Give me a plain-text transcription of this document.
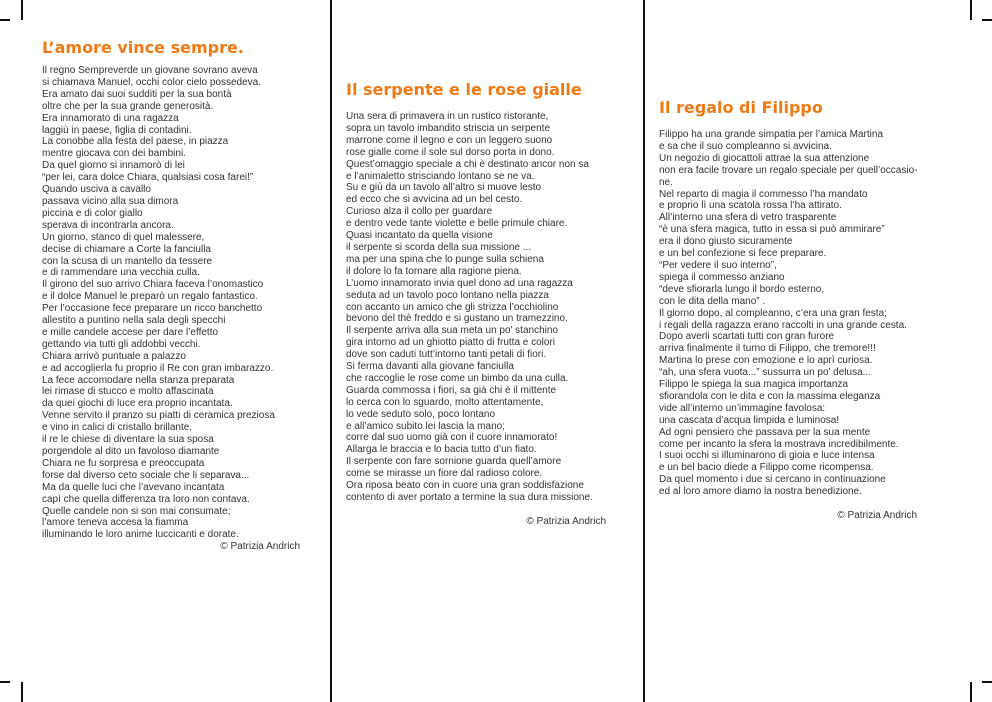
L’amore vince sempre.
Il regno Sempreverde un giovane sovrano aveva
si chiamava Manuel, occhi color cielo possedeva.
Era amato dai suoi sudditi per la sua bontà
oltre che per la sua grande generosità.
Era innamorato di una ragazza
laggiù in paese, figlia di contadini.
La conobbe alla festa del paese, in piazza
mentre giocava con dei bambini.
Da quel giorno si innamorò di lei
“per lei, cara dolce Chiara, qualsiasi cosa farei!”
Quando usciva a cavallo
passava vicino alla sua dimora
piccina e di color giallo
sperava di incontrarla ancora.
Un giorno, stanco di quel malessere,
decise di chiamare a Corte la fanciulla
con la scusa di un mantello da tessere
e di rammendare una vecchia culla.
Il girono del suo arrivo Chiara faceva l’onomastico
e il dolce Manuel le preparò un regalo fantastico.
Per l’occasione fece preparare un ricco banchetto
allestito a puntino nella sala degli specchi
e mille candele accese per dare l’effetto
gettando via tutti gli addobbi vecchi.
Chiara arrivò puntuale a palazzo
e ad accoglierla fu proprio il Re con gran imbarazzo.
La fece accomodare nella stanza preparata
lei rimase di stucco e molto affascinata
da quei giochi di luce era proprio incantata.
Venne servito il pranzo su piatti di ceramica preziosa
e vino in calici di cristallo brillante,
il re le chiese di diventare la sua sposa
porgendole al dito un favoloso diamante
Chiara ne fu sorpresa e preoccupata
forse dal diverso ceto sociale che li separava...
Ma da quelle luci che l’avevano incantata
capì che quella differenza tra loro non contava.
Quelle candele non si son mai consumate;
l’amore teneva accesa la fiamma
illuminando le loro anime luccicanti e dorate.
© Patrizia Andrich
Il serpente e le rose gialle
Una sera di primavera in un rustico ristorante,
sopra un tavolo imbandito striscia un serpente
marrone come il legno e con un leggero suono
rose gialle come il sole sul dorso porta in dono.
Quest’omaggio speciale a chi è destinato ancor non sa
e l’animaletto strisciando lontano se ne va.
Su e giù da un tavolo all’altro si muove lesto
ed ecco che si avvicina ad un bel cesto.
Curioso alza il collo per guardare
e dentro vede tante violette e belle primule chiare.
Quasi incantato da quella visione
il serpente si scorda della sua missione ...
ma per una spina che lo punge sulla schiena
il dolore lo fa tornare alla ragione piena.
L’uomo innamorato invia quel dono ad una ragazza
seduta ad un tavolo poco lontano nella piazza
con accanto un amico che gli strizza l’occhiolino
bevono del thè freddo e si gustano un tramezzino.
Il serpente arriva alla sua meta un po’ stanchino
gira intorno ad un ghiotto piatto di frutta e colori
dove son caduti tutt’intorno tanti petali di fiori.
Si ferma davanti alla giovane fanciulla
che raccoglie le rose come un bimbo da una culla.
Guarda commossa i fiori, sa già chi è il mittente
lo cerca con lo sguardo, molto attentamente,
lo vede seduto solo, poco lontano
e all’amico subito lei lascia la mano;
corre dal suo uomo già con il cuore innamorato!
Allarga le braccia e lo bacia tutto d’un fiato.
Il serpente con fare sornione guarda quell’amore
come se mirasse un fiore dal radioso colore.
Ora riposa beato con in cuore una gran soddisfazione
contento di aver portato a termine la sua dura missione.
© Patrizia Andrich
Il regalo di Filippo
Filippo ha una grande simpatia per l’amica Martina
e sa che il suo compleanno si avvicina.
Un negozio di giocattoli attrae la sua attenzione
non era facile trovare un regalo speciale per quell’occasio-
ne.
Nel reparto di magia il commesso l’ha mandato
e proprio lì una scatola rossa l’ha attirato.
All’interno una sfera di vetro trasparente
“è una sfera magica, tutto in essa si può ammirare”
era il dono giusto sicuramente
e un bel confezione si fece preparare.
“Per vedere il suo interno”,
spiega il commesso anziano
“deve sfiorarla lungo il bordo esterno,
con le dita della mano” .
Il giorno dopo, al compleanno, c’era una gran festa;
i regali della ragazza erano raccolti in una grande cesta.
Dopo averli scartati tutti con gran furore
arriva finalmente il turno di Filippo, che tremore!!!
Martina lo prese con emozione e lo aprì curiosa.
“ah, una sfera vuota...” sussurra un po’ delusa...
Filippo le spiega la sua magica importanza
sfiorandola con le dita e con la massima eleganza
vide all’interno un’immagine favolosa:
una cascata d’acqua limpida e luminosa!
Ad ogni pensiero che passava per la sua mente
come per incanto la sfera la mostrava incredibilmente.
I suoi occhi si illuminarono di gioia e luce intensa
e un bel bacio diede a Filippo come ricompensa.
Da quel momento i due si cercano in continuazione
ed al loro amore diamo la nostra benedizione.
© Patrizia Andrich
